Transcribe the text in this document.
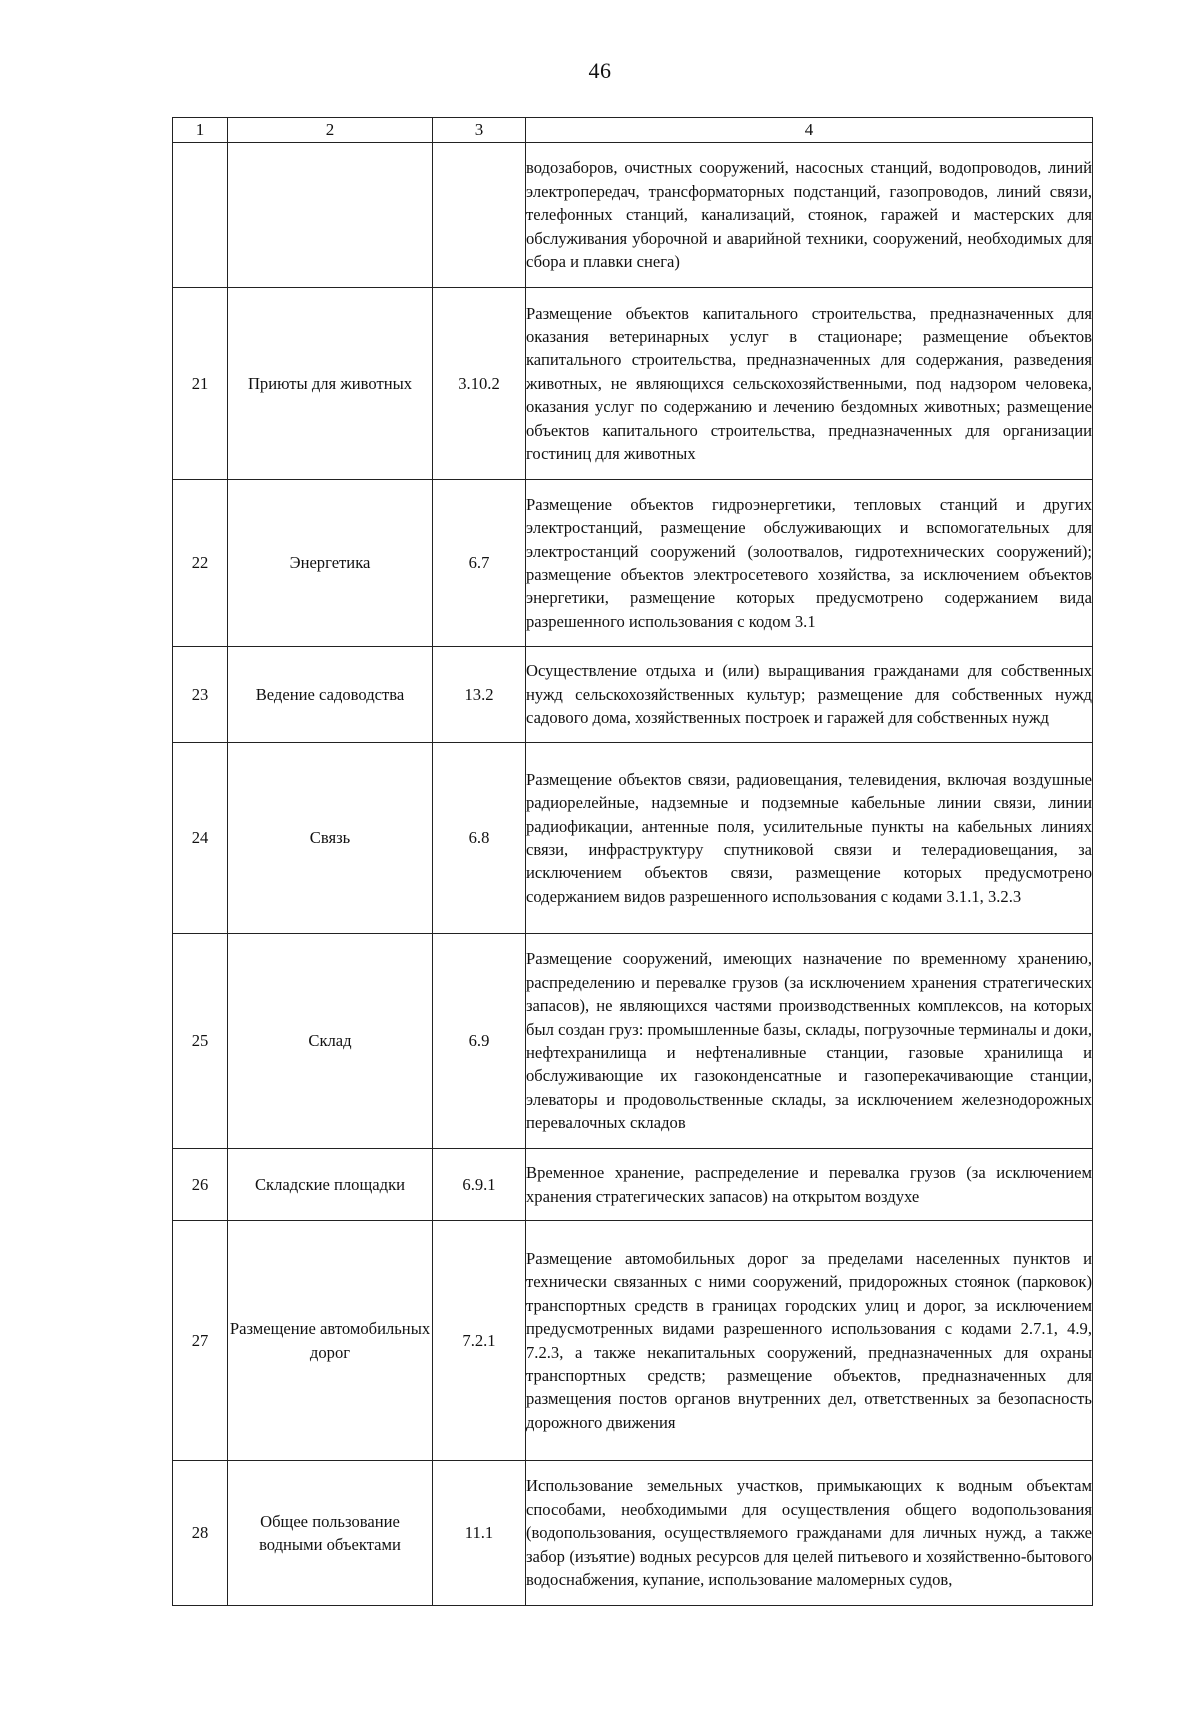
46
1	2	3	4
			водозаборов, очистных сооружений, насосных станций, водопроводов, линий электропередач, трансформаторных подстанций, газопроводов, линий связи, телефонных станций, канализаций, стоянок, гаражей и мастерских для обслуживания уборочной и аварийной техники, сооружений, необходимых для сбора и плавки снега)
21	Приюты для животных	3.10.2	Размещение объектов капитального строительства, предназначенных для оказания ветеринарных услуг в стационаре; размещение объектов капитального строительства, предназначенных для содержания, разведения животных, не являющихся сельскохозяйственными, под надзором человека, оказания услуг по содержанию и лечению бездомных животных; размещение объектов капитального строительства, предназначенных для организации гостиниц для животных
22	Энергетика	6.7	Размещение объектов гидроэнергетики, тепловых станций и других электростанций, размещение обслуживающих и вспомогательных для электростанций сооружений (золоотвалов, гидротехнических сооружений); размещение объектов электросетевого хозяйства, за исключением объектов энергетики, размещение которых предусмотрено содержанием вида разрешенного использования с кодом 3.1
23	Ведение садоводства	13.2	Осуществление отдыха и (или) выращивания гражданами для собственных нужд сельскохозяйственных культур; размещение для собственных нужд садового дома, хозяйственных построек и гаражей для собственных нужд
24	Связь	6.8	Размещение объектов связи, радиовещания, телевидения, включая воздушные радиорелейные, надземные и подземные кабельные линии связи, линии радиофикации, антенные поля, усилительные пункты на кабельных линиях связи, инфраструктуру спутниковой связи и телерадиовещания, за исключением объектов связи, размещение которых предусмотрено содержанием видов разрешенного использования с кодами 3.1.1, 3.2.3
25	Склад	6.9	Размещение сооружений, имеющих назначение по временному хранению, распределению и перевалке грузов (за исключением хранения стратегических запасов), не являющихся частями производственных комплексов, на которых был создан груз: промышленные базы, склады, погрузочные терминалы и доки, нефтехранилища и нефтеналивные станции, газовые хранилища и обслуживающие их газоконденсатные и газоперекачивающие станции, элеваторы и продовольственные склады, за исключением железнодорожных перевалочных складов
26	Складские площадки	6.9.1	Временное хранение, распределение и перевалка грузов (за исключением хранения стратегических запасов) на открытом воздухе
27	Размещение автомобильных дорог	7.2.1	Размещение автомобильных дорог за пределами населенных пунктов и технически связанных с ними сооружений, придорожных стоянок (парковок) транспортных средств в границах городских улиц и дорог, за исключением предусмотренных видами разрешенного использования с кодами 2.7.1, 4.9, 7.2.3, а также некапитальных сооружений, предназначенных для охраны транспортных средств; размещение объектов, предназначенных для размещения постов органов внутренних дел, ответственных за безопасность дорожного движения
28	Общее пользование водными объектами	11.1	Использование земельных участков, примыкающих к водным объектам способами, необходимыми для осуществления общего водопользования (водопользования, осуществляемого гражданами для личных нужд, а также забор (изъятие) водных ресурсов для целей питьевого и хозяйственно-бытового водоснабжения, купание, использование маломерных судов,
